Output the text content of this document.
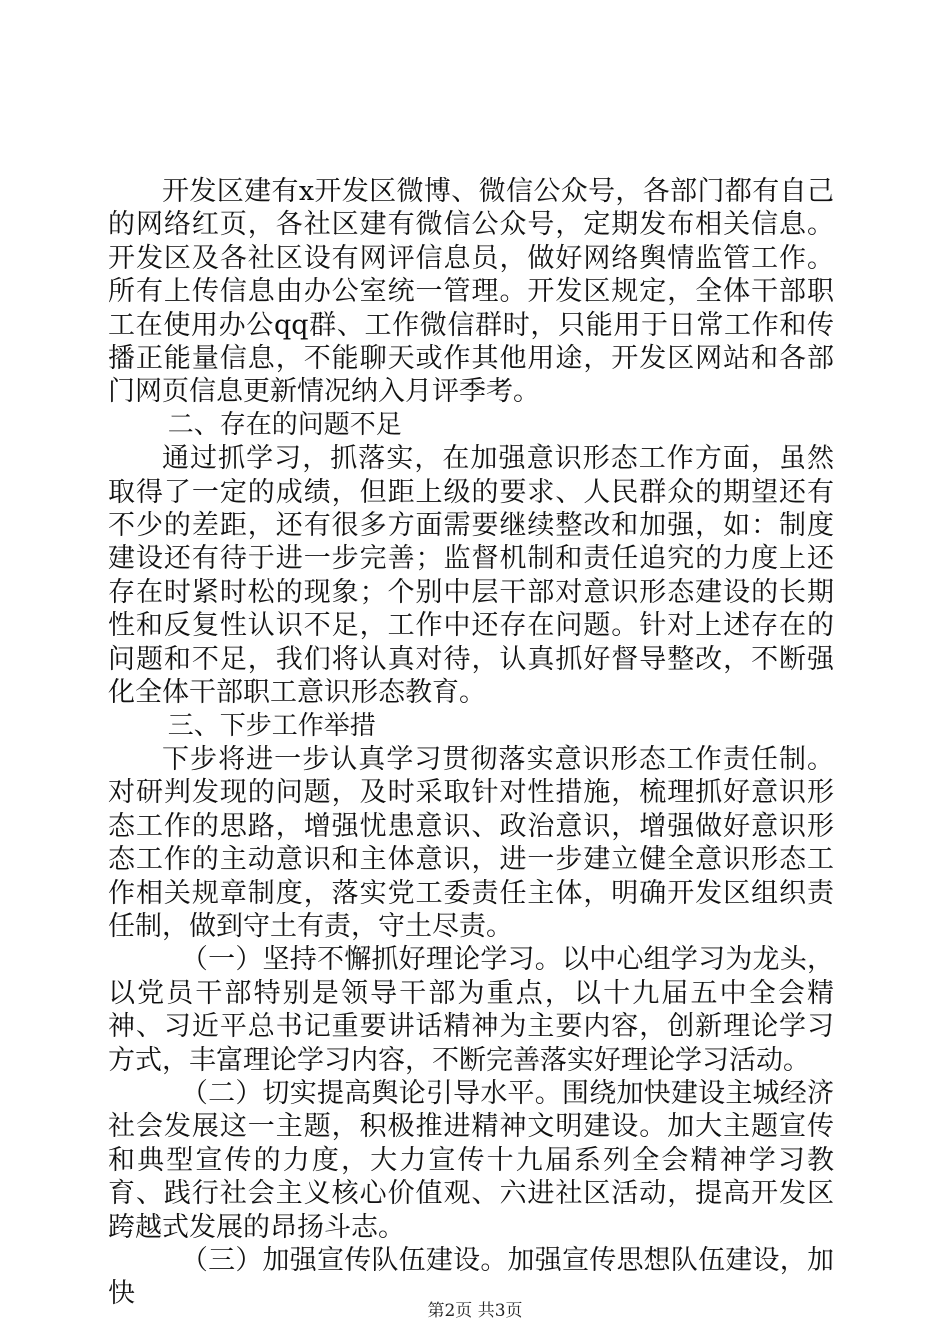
开发区建有x开发区微博、微信公众号，各部门都有自己的网络红页，各社区建有微信公众号，定期发布相关信息。开发区及各社区设有网评信息员，做好网络舆情监管工作。所有上传信息由办公室统一管理。开发区规定，全体干部职工在使用办公qq群、工作微信群时，只能用于日常工作和传播正能量信息，不能聊天或作其他用途，开发区网站和各部门网页信息更新情况纳入月评季考。

二、存在的问题不足

通过抓学习，抓落实，在加强意识形态工作方面，虽然取得了一定的成绩，但距上级的要求、人民群众的期望还有不少的差距，还有很多方面需要继续整改和加强，如：制度建设还有待于进一步完善；监督机制和责任追究的力度上还存在时紧时松的现象；个别中层干部对意识形态建设的长期性和反复性认识不足，工作中还存在问题。针对上述存在的问题和不足，我们将认真对待，认真抓好督导整改，不断强化全体干部职工意识形态教育。

三、下步工作举措

下步将进一步认真学习贯彻落实意识形态工作责任制。对研判发现的问题，及时采取针对性措施，梳理抓好意识形态工作的思路，增强忧患意识、政治意识，增强做好意识形态工作的主动意识和主体意识，进一步建立健全意识形态工作相关规章制度，落实党工委责任主体，明确开发区组织责任制，做到守土有责，守土尽责。

（一）坚持不懈抓好理论学习。以中心组学习为龙头，以党员干部特别是领导干部为重点，以十九届五中全会精神、习近平总书记重要讲话精神为主要内容，创新理论学习方式，丰富理论学习内容，不断完善落实好理论学习活动。

（二）切实提高舆论引导水平。围绕加快建设主城经济社会发展这一主题，积极推进精神文明建设。加大主题宣传和典型宣传的力度，大力宣传十九届系列全会精神学习教育、践行社会主义核心价值观、六进社区活动，提高开发区跨越式发展的昂扬斗志。

（三）加强宣传队伍建设。加强宣传思想队伍建设，加快

第2页 共3页
